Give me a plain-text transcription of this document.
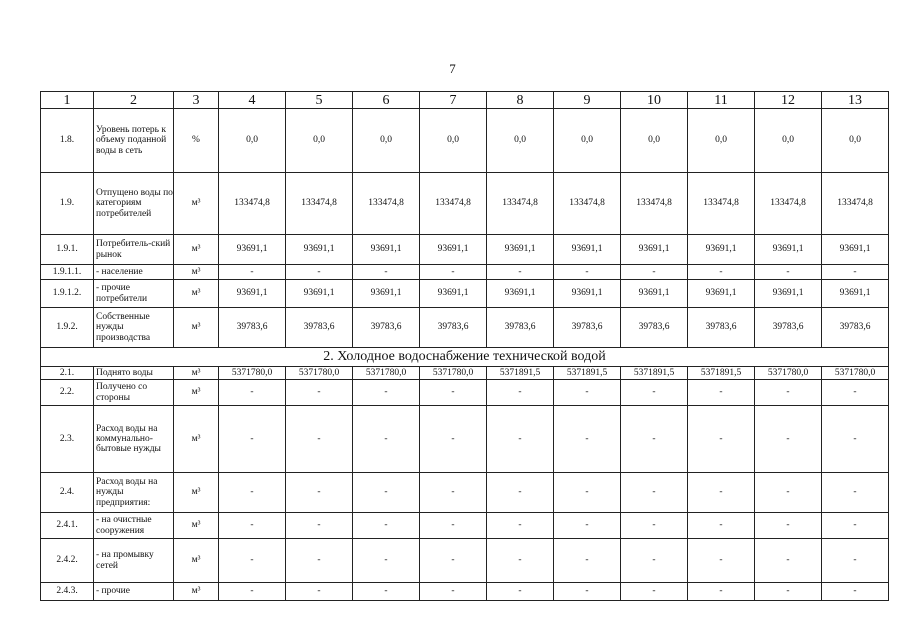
7
1	2	3	4	5	6	7	8	9	10	11	12	13
1.8.	Уровень потерь к объему поданной воды в сеть	%	0,0	0,0	0,0	0,0	0,0	0,0	0,0	0,0	0,0	0,0
1.9.	Отпущено воды по категориям потребителей	м³	133474,8	133474,8	133474,8	133474,8	133474,8	133474,8	133474,8	133474,8	133474,8	133474,8
1.9.1.	Потребитель-ский рынок	м³	93691,1	93691,1	93691,1	93691,1	93691,1	93691,1	93691,1	93691,1	93691,1	93691,1
1.9.1.1.	- население	м³	-	-	-	-	-	-	-	-	-	-
1.9.1.2.	- прочие потребители	м³	93691,1	93691,1	93691,1	93691,1	93691,1	93691,1	93691,1	93691,1	93691,1	93691,1
1.9.2.	Собственные нужды производства	м³	39783,6	39783,6	39783,6	39783,6	39783,6	39783,6	39783,6	39783,6	39783,6	39783,6
2. Холодное водоснабжение технической водой												
2.1.	Поднято воды	м³	5371780,0	5371780,0	5371780,0	5371780,0	5371891,5	5371891,5	5371891,5	5371891,5	5371780,0	5371780,0
2.2.	Получено со стороны	м³	-	-	-	-	-	-	-	-	-	-
2.3.	Расход воды на коммунально-бытовые нужды	м³	-	-	-	-	-	-	-	-	-	-
2.4.	Расход воды на нужды предприятия:	м³	-	-	-	-	-	-	-	-	-	-
2.4.1.	- на очистные сооружения	м³	-	-	-	-	-	-	-	-	-	-
2.4.2.	- на промывку сетей	м³	-	-	-	-	-	-	-	-	-	-
2.4.3.	- прочие	м³	-	-	-	-	-	-	-	-	-	-
